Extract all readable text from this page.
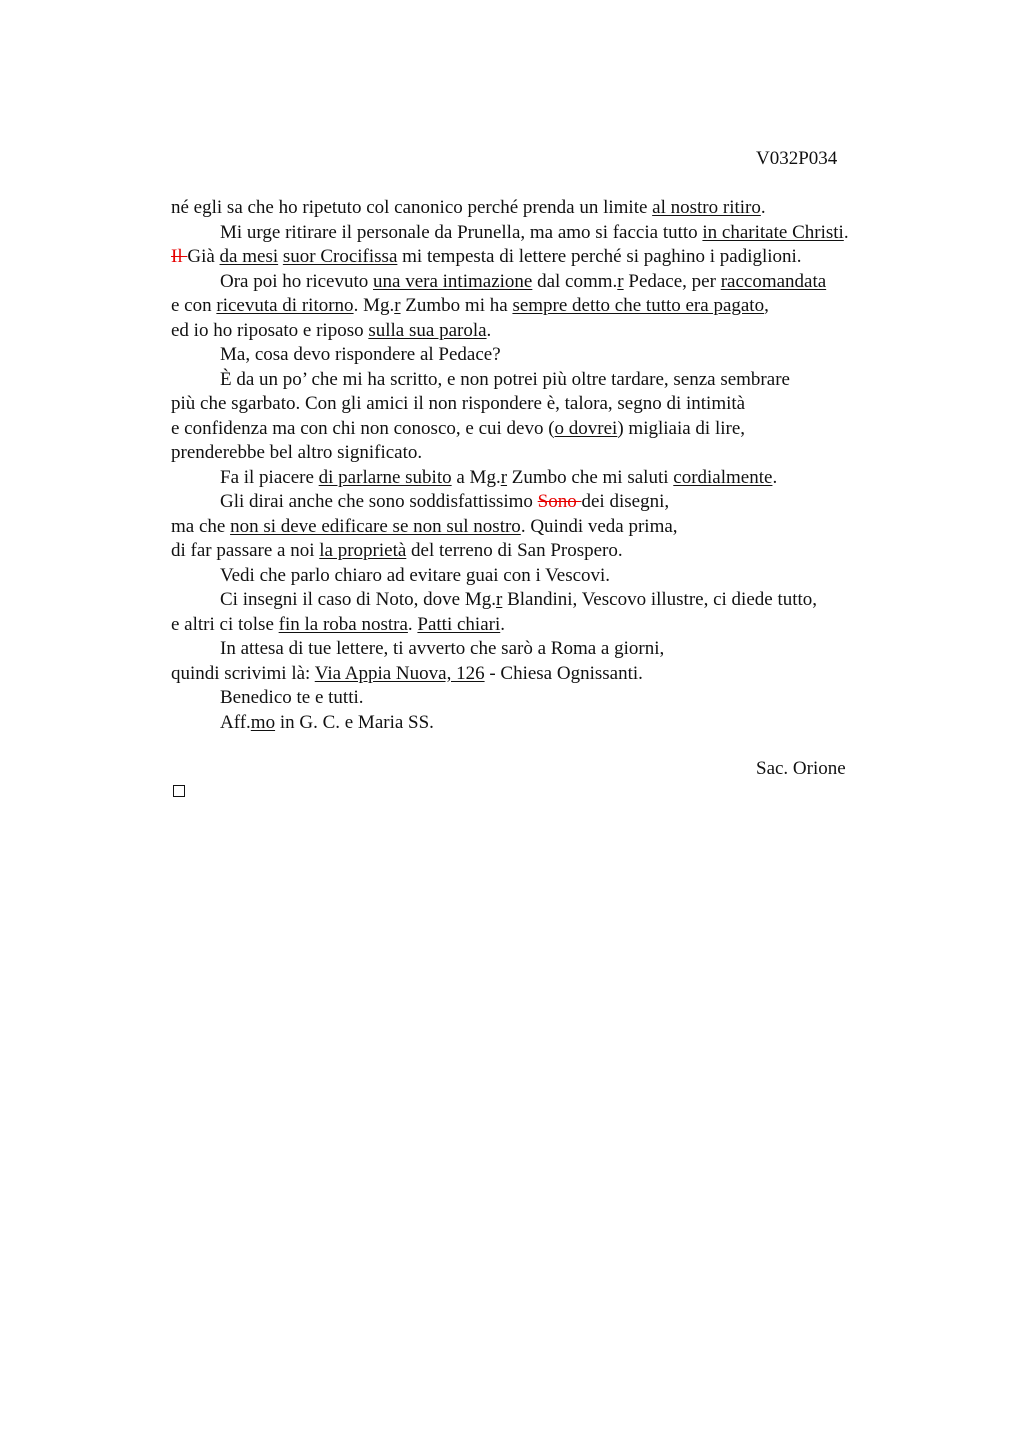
V032P034
né egli sa che ho ripetuto col canonico perché prenda un limite al nostro ritiro.
Mi urge ritirare il personale da Prunella, ma amo si faccia tutto in charitate Christi.
Il Già da mesi suor Crocifissa mi tempesta di lettere perché si paghino i padiglioni.
Ora poi ho ricevuto una vera intimazione dal comm.r Pedace, per raccomandata
e con ricevuta di ritorno. Mg.r Zumbo mi ha sempre detto che tutto era pagato,
ed io ho riposato e riposo sulla sua parola.
Ma, cosa devo rispondere al Pedace?
È da un po’ che mi ha scritto, e non potrei più oltre tardare, senza sembrare
più che sgarbato. Con gli amici il non rispondere è, talora, segno di intimità
e confidenza ma con chi non conosco, e cui devo (o dovrei) migliaia di lire,
prenderebbe bel altro significato.
Fa il piacere di parlarne subito a Mg.r Zumbo che mi saluti cordialmente.
Gli dirai anche che sono soddisfattissimo Sono dei disegni,
ma che non si deve edificare se non sul nostro. Quindi veda prima,
di far passare a noi la proprietà del terreno di San Prospero.
Vedi che parlo chiaro ad evitare guai con i Vescovi.
Ci insegni il caso di Noto, dove Mg.r Blandini, Vescovo illustre, ci diede tutto,
e altri ci tolse fin la roba nostra. Patti chiari.
In attesa di tue lettere, ti avverto che sarò a Roma a giorni,
quindi scrivimi là: Via Appia Nuova, 126 - Chiesa Ognissanti.
Benedico te e tutti.
Aff.mo in G. C. e Maria SS.
Sac. Orione
